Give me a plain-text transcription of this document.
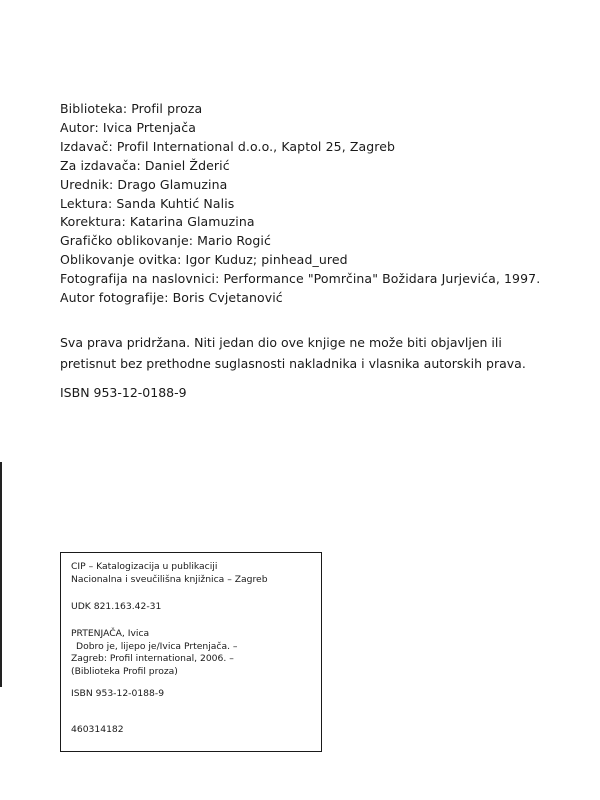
Biblioteka: Profil proza
Autor: Ivica Prtenjača
Izdavač: Profil International d.o.o., Kaptol 25, Zagreb
Za izdavača: Daniel Žderić
Urednik: Drago Glamuzina
Lektura: Sanda Kuhtić Nalis
Korektura: Katarina Glamuzina
Grafičko oblikovanje: Mario Rogić
Oblikovanje ovitka: Igor Kuduz; pinhead_ured
Fotografija na naslovnici: Performance "Pomrčina" Božidara Jurjevića, 1997.
Autor fotografije: Boris Cvjetanović
Sva prava pridržana. Niti jedan dio ove knjige ne može biti objavljen ili
pretisnut bez prethodne suglasnosti nakladnika i vlasnika autorskih prava.
ISBN 953-12-0188-9
CIP – Katalogizacija u publikaciji
Nacionalna i sveučilišna knjižnica – Zagreb
UDK 821.163.42-31
PRTENJAČA, Ivica
Dobro je, lijepo je/Ivica Prtenjača. –
Zagreb: Profil international, 2006. –
(Biblioteka Profil proza)
ISBN 953-12-0188-9
460314182
